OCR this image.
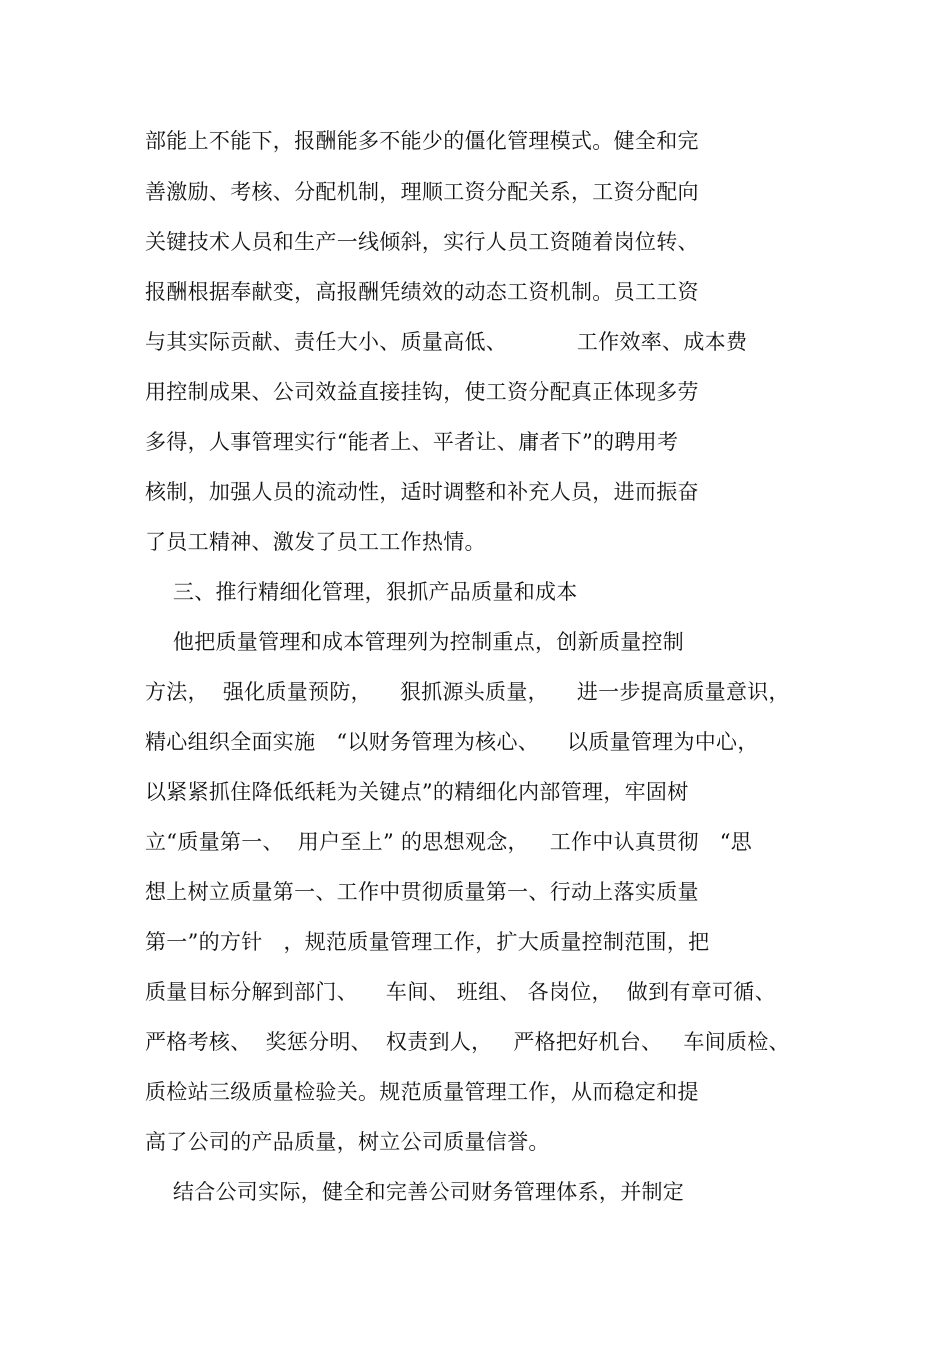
部能上不能下，报酬能多不能少的僵化管理模式。健全和完
善激励、考核、分配机制，理顺工资分配关系，工资分配向
关键技术人员和生产一线倾斜，实行人员工资随着岗位转、
报酬根据奉献变，高报酬凭绩效的动态工资机制。员工工资
与其实际贡献、责任大小、质量高低、          工作效率、成本费
用控制成果、公司效益直接挂钩，使工资分配真正体现多劳
多得，人事管理实行“能者上、平者让、庸者下”的聘用考
核制，加强人员的流动性，适时调整和补充人员，进而振奋
了员工精神、激发了员工工作热情。
三、推行精细化管理，狠抓产品质量和成本
他把质量管理和成本管理列为控制重点，创新质量控制
方法，  强化质量预防，    狠抓源头质量，    进一步提高质量意识，
精心组织全面实施   “以财务管理为核心、    以质量管理为中心，
以紧紧抓住降低纸耗为关键点”的精细化内部管理，牢固树
立“质量第一、  用户至上” 的思想观念，   工作中认真贯彻   “思
想上树立质量第一、工作中贯彻质量第一、行动上落实质量
第一”的方针   ，规范质量管理工作，扩大质量控制范围，把
质量目标分解到部门、    车间、 班组、 各岗位，  做到有章可循、
严格考核、  奖惩分明、  权责到人，   严格把好机台、   车间质检、
质检站三级质量检验关。规范质量管理工作，从而稳定和提
高了公司的产品质量，树立公司质量信誉。
结合公司实际，健全和完善公司财务管理体系，并制定
